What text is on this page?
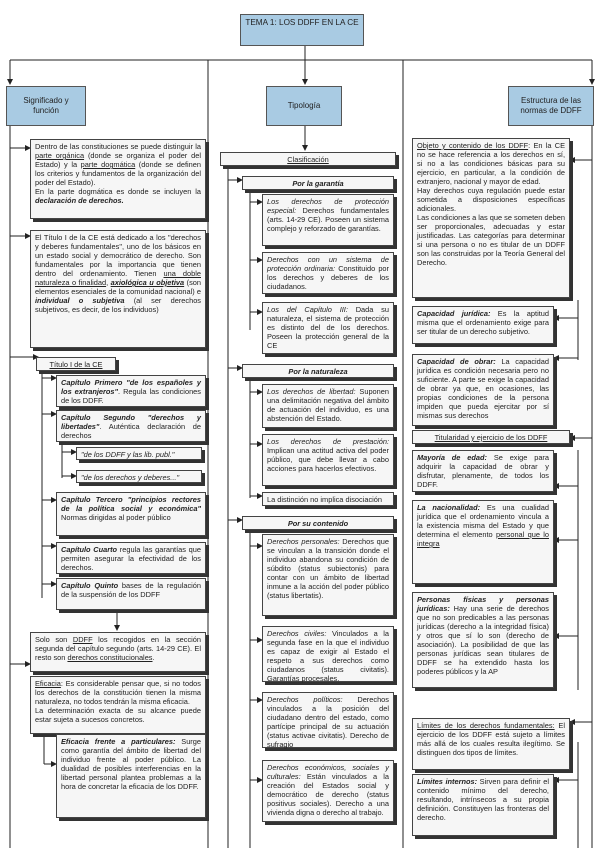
TEMA 1: LOS DDFF EN LA CE
Significado y función
Tipología
Estructura de las normas de DDFF
Dentro de las constituciones se puede distinguir la parte orgánica (donde se organiza el poder del Estado) y la parte dogmática (donde se definen los criterios y fundamentos de la organización del poder del Estado).
En la parte dogmática es donde se incluyen la declaración de derechos.
El Título I de la CE está dedicado a los "derechos y deberes fundamentales", uno de los básicos en un estado social y democrático de derecho. Son fundamentales por la importancia que tienen dentro del ordenamiento. Tienen una doble naturaleza o finalidad, axiológica u objetiva (son elementos esenciales de la comunidad nacional) e individual o subjetiva (al ser derechos subjetivos, es decir, de los individuos)
Título I de la CE
Capítulo Primero "de los españoles y los extranjeros". Regula las condiciones de los DDFF.
Capítulo Segundo "derechos y libertades". Auténtica declaración de derechos
"de los DDFF y las lib. publ."
"de los derechos y deberes..."
Capítulo Tercero "principios rectores de la política social y económica" Normas dirigidas al poder público
Capítulo Cuarto regula las garantías que permiten asegurar la efectividad de los derechos.
Capítulo Quinto bases de la regulación de la suspensión de los DDFF
Solo son DDFF los recogidos en la sección segunda del capítulo segundo (arts. 14-29 CE). El resto son derechos constitucionales.
Eficacia: Es considerable pensar que, si no todos los derechos de la constitución tienen la misma naturaleza, no todos tendrán la misma eficacia.
La determinación exacta de su alcance puede estar sujeta a sucesos concretos.
Eficacia frente a particulares: Surge como garantía del ámbito de libertad del individuo frente al poder público. La dualidad de posibles interferencias en la libertad personal plantea problemas a la hora de concretar la eficacia de los DDFF.
Clasificación
Por la garantía
Los derechos de protección especial: Derechos fundamentales (arts. 14-29 CE). Poseen un sistema complejo y reforzado de garantías.
Derechos con un sistema de protección ordinaria: Constituido por los derechos y deberes de los ciudadanos.
Los del Capítulo III: Dada su naturaleza, el sistema de protección es distinto del de los derechos. Poseen la protección general de la CE
Por la naturaleza
Los derechos de libertad: Suponen una delimitación negativa del ámbito de actuación del individuo, es una abstención del Estado.
Los derechos de prestación: Implican una actitud activa del poder público, que debe llevar a cabo acciones para hacerlos efectivos.
La distinción no implica disociación
Por su contenido
Derechos personales: Derechos que se vinculan a la transición donde el individuo abandona su condición de súbdito (status subiectonis) para contar con un ámbito de libertad inmune a la acción del poder público (status libertatis).
Derechos civiles: Vinculados a la segunda fase en la que el individuo es capaz de exigir al Estado el respeto a sus derechos como ciudadanos (status civitatis). Garantías procesales.
Derechos políticos: Derechos vinculados a la posición del ciudadano dentro del estado, como partícipe principal de su actuación (status activae civitatis). Derecho de sufragio
Derechos económicos, sociales y culturales: Están vinculados a la creación del Estados social y democrático de derecho (status positivus sociales). Derecho a una vivienda digna o derecho al trabajo.
Objeto y contenido de los DDFF: En la CE no se hace referencia a los derechos en sí, si no a las condiciones básicas para su ejercicio, en particular, a la condición de extranjero, nacional y mayor de edad.
Hay derechos cuya regulación puede estar sometida a disposiciones específicas adicionales.
Las condiciones a las que se someten deben ser proporcionales, adecuadas y estar justificadas. Las categorías para determinar si una persona o no es titular de un DDFF son las construidas por la Teoría General del Derecho.
Capacidad jurídica: Es la aptitud misma que el ordenamiento exige para ser titular de un derecho subjetivo.
Capacidad de obrar: La capacidad jurídica es condición necesaria pero no suficiente. A parte se exige la capacidad de obrar ya que, en ocasiones, las propias condiciones de la persona impiden que pueda ejercitar por sí mismas sus derechos
Titularidad y ejercicio de los DDFF
Mayoría de edad: Se exige para adquirir la capacidad de obrar y disfrutar, plenamente, de todos los DDFF.
La nacionalidad: Es una cualidad jurídica que el ordenamiento vincula a la existencia misma del Estado y que determina el elemento personal que lo integra
Personas físicas y personas jurídicas: Hay una serie de derechos que no son predicables a las personas jurídicas (derecho a la integridad física) y otros que sí lo son (derecho de asociación). La posibilidad de que las personas jurídicas sean titulares de DDFF se ha extendido hasta los poderes públicos y la AP
Límites de los derechos fundamentales: El ejercicio de los DDFF está sujeto a límites más allá de los cuales resulta ilegítimo. Se distinguen dos tipos de límites.
Límites internos: Sirven para definir el contenido mínimo del derecho, resultando, intrínsecos a su propia definición. Constituyen las fronteras del derecho.
